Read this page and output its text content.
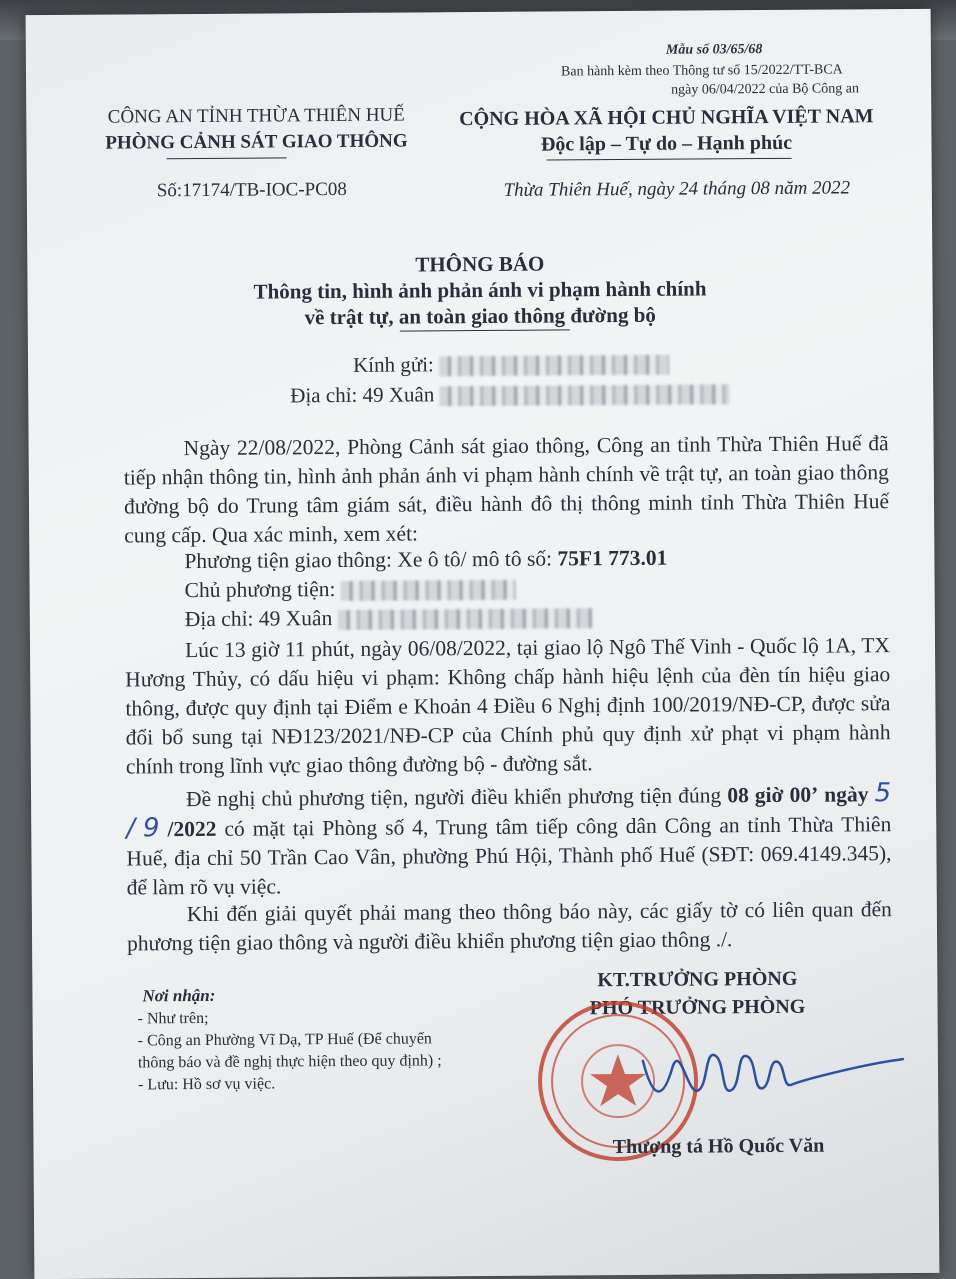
Mẫu số 03/65/68
Ban hành kèm theo Thông tư số 15/2022/TT-BCA
ngày 06/04/2022 của Bộ Công an
CÔNG AN TỈNH THỪA THIÊN HUẾ
PHÒNG CẢNH SÁT GIAO THÔNG
Số:17174/TB-IOC-PC08
CỘNG HÒA XÃ HỘI CHỦ NGHĨA VIỆT NAM
Độc lập – Tự do – Hạnh phúc
Thừa Thiên Huế, ngày 24 tháng 08 năm 2022
THÔNG BÁO
Thông tin, hình ảnh phản ánh vi phạm hành chính
về trật tự, an toàn giao thông đường bộ
Kính gửi:
Địa chỉ: 49 Xuân
Ngày 22/08/2022, Phòng Cảnh sát giao thông, Công an tỉnh Thừa Thiên Huế đã tiếp nhận thông tin, hình ảnh phản ánh vi phạm hành chính về trật tự, an toàn giao thông đường bộ do Trung tâm giám sát, điều hành đô thị thông minh tỉnh Thừa Thiên Huế cung cấp. Qua xác minh, xem xét:
Phương tiện giao thông: Xe ô tô/ mô tô số: 75F1 773.01
Chủ phương tiện:
Địa chỉ: 49 Xuân
Lúc 13 giờ 11 phút, ngày 06/08/2022, tại giao lộ Ngô Thế Vinh - Quốc lộ 1A, TX Hương Thủy, có dấu hiệu vi phạm: Không chấp hành hiệu lệnh của đèn tín hiệu giao thông, được quy định tại Điểm e Khoản 4 Điều 6 Nghị định 100/2019/NĐ-CP, được sửa đổi bổ sung tại NĐ123/2021/NĐ-CP của Chính phủ quy định xử phạt vi phạm hành chính trong lĩnh vực giao thông đường bộ - đường sắt.
Đề nghị chủ phương tiện, người điều khiển phương tiện đúng 08 giờ 00’ ngày 5 / 9 /2022 có mặt tại Phòng số 4, Trung tâm tiếp công dân Công an tỉnh Thừa Thiên Huế, địa chỉ 50 Trần Cao Vân, phường Phú Hội, Thành phố Huế (SĐT: 069.4149.345), để làm rõ vụ việc.
Khi đến giải quyết phải mang theo thông báo này, các giấy tờ có liên quan đến phương tiện giao thông và người điều khiển phương tiện giao thông ./.
Nơi nhận:
- Như trên;
- Công an Phường Vĩ Dạ, TP Huế (Để chuyển
thông báo và đề nghị thực hiện theo quy định) ;
- Lưu: Hồ sơ vụ việc.
KT.TRƯỞNG PHÒNG
PHÓ TRƯỞNG PHÒNG
Thượng tá Hồ Quốc Văn
